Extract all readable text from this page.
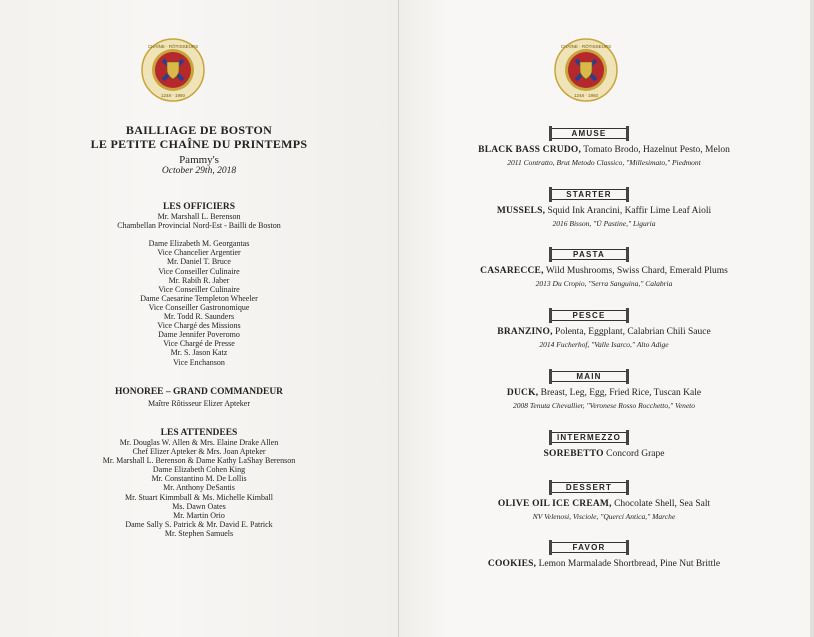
CHAÎNE · RÔTISSEURS
1248 · 1950
CHAÎNE · RÔTISSEURS
1248 · 1950
BAILLIAGE DE BOSTON
LE PETITE CHAÎNE DU PRINTEMPS
Pammy's
October 29th, 2018
LES OFFICIERS
Mr. Marshall L. Berenson
Chambellan Provincial Nord-Est - Bailli de Boston
Dame Elizabeth M. Georgantas
Vice Chancelier Argentier
Mr. Daniel T. Bruce
Vice Conseiller Culinaire
Mr. Rabih R. Jaber
Vice Conseiller Culinaire
Dame Caesarine Templeton Wheeler
Vice Conseiller Gastronomique
Mr. Todd R. Saunders
Vice Chargé des Missions
Dame Jennifer Poveromo
Vice Chargé de Presse
Mr. S. Jason Katz
Vice Enchanson
HONOREE – GRAND COMMANDEUR
Maître Rôtisseur Elizer Apteker
LES ATTENDEES
Mr. Douglas W. Allen & Mrs. Elaine Drake Allen
Chef Elizer Apteker & Mrs. Joan Apteker
Mr. Marshall L. Berenson & Dame Kathy LaShay Berenson
Dame Elizabeth Cohen King
Mr. Constantino M. De Lollis
Mr. Anthony DeSantis
Mr. Stuart Kimmball & Ms. Michelle Kimball
Ms. Dawn Oates
Mr. Martin Orio
Dame Sally S. Patrick & Mr. David E. Patrick
Mr. Stephen Samuels
AMUSE
BLACK BASS CRUDO, Tomato Brodo, Hazelnut Pesto, Melon
2011 Contratto, Brut Metodo Classico, "Millesimato," Piedmont
STARTER
MUSSELS, Squid Ink Arancini, Kaffir Lime Leaf Aioli
2016 Bisson, "Ü Pastine," Liguria
PASTA
CASARECCE, Wild Mushrooms, Swiss Chard, Emerald Plums
2013 Du Cropio, "Serra Sanguina," Calabria
PESCE
BRANZINO, Polenta, Eggplant, Calabrian Chili Sauce
2014 Fucherhof, "Valle Isarco," Alto Adige
MAIN
DUCK, Breast, Leg, Egg, Fried Rice, Tuscan Kale
2008 Tenuta Chevallier, "Veronese Rosso Rocchetto," Veneto
INTERMEZZO
SOREBETTO Concord Grape
DESSERT
OLIVE OIL ICE CREAM, Chocolate Shell, Sea Salt
NV Velenosi, Visciole, "Querci Antica," Marche
FAVOR
COOKIES, Lemon Marmalade Shortbread, Pine Nut Brittle
